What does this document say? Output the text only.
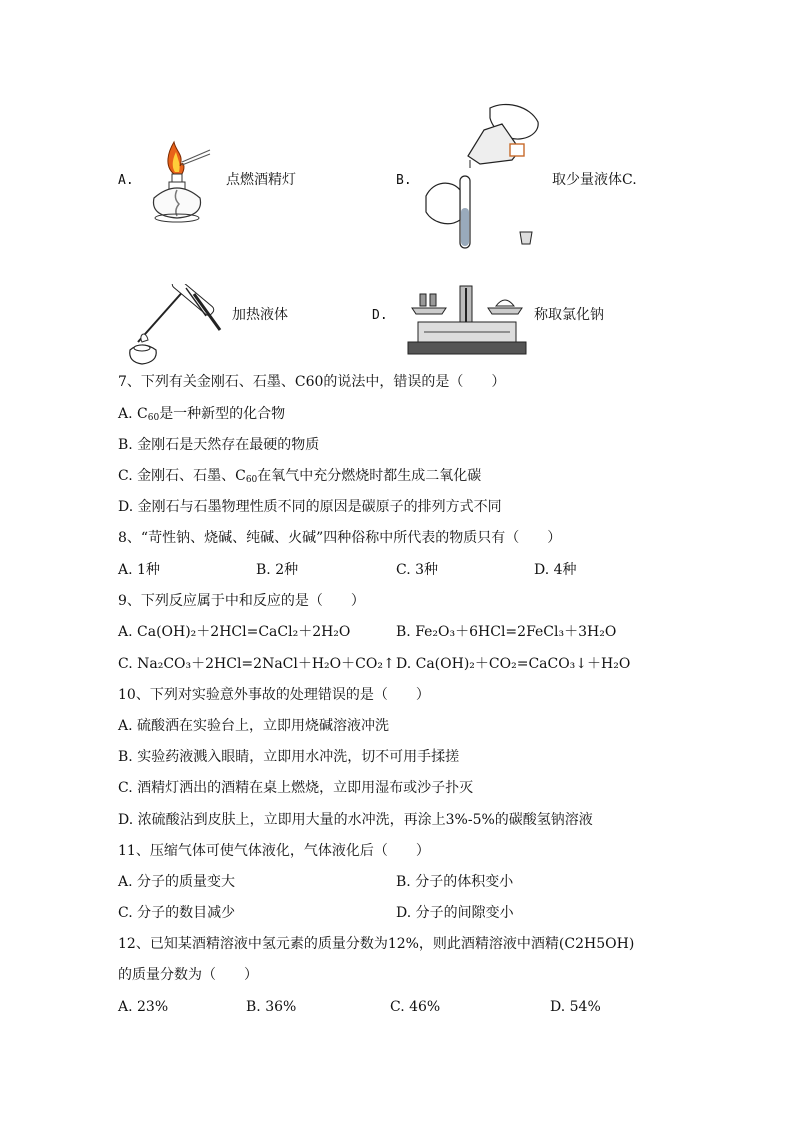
A.	点燃酒精灯	B.	取少量液体C.
加热液体	D.	称取氯化钠
7、下列有关金刚石、石墨、C60的说法中，错误的是（　　）
A. $C_{60}$是一种新型的化合物
B. 金刚石是天然存在最硬的物质
C. 金刚石、石墨、$C_{60}$在氧气中充分燃烧时都生成二氧化碳
D. 金刚石与石墨物理性质不同的原因是碳原子的排列方式不同
8、“苛性钠、烧碱、纯碱、火碱”四种俗称中所代表的物质只有（　　）
A. 1种	B. 2种	C. 3种	D. 4种
9、下列反应属于中和反应的是（　　）
A. Ca(OH)₂＋2HCl=CaCl₂＋2H₂O	B. Fe₂O₃＋6HCl=2FeCl₃＋3H₂O
C. Na₂CO₃＋2HCl=2NaCl＋H₂O＋CO₂↑ D. Ca(OH)₂＋CO₂=CaCO₃↓＋H₂O
10、下列对实验意外事故的处理错误的是（　　）
A. 硫酸洒在实验台上，立即用烧碱溶液冲洗
B. 实验药液溅入眼睛，立即用水冲洗，切不可用手揉搓
C. 酒精灯洒出的酒精在桌上燃烧，立即用湿布或沙子扑灭
D. 浓硫酸沾到皮肤上，立即用大量的水冲洗，再涂上3%-5%的碳酸氢钠溶液
11、压缩气体可使气体液化，气体液化后（　　）
A. 分子的质量变大	B. 分子的体积变小
C. 分子的数目减少	D. 分子的间隙变小
12、已知某酒精溶液中氢元素的质量分数为12%，则此酒精溶液中酒精(C2H5OH)
的质量分数为（　　）
A. 23%	B. 36%	C. 46%	D. 54%
